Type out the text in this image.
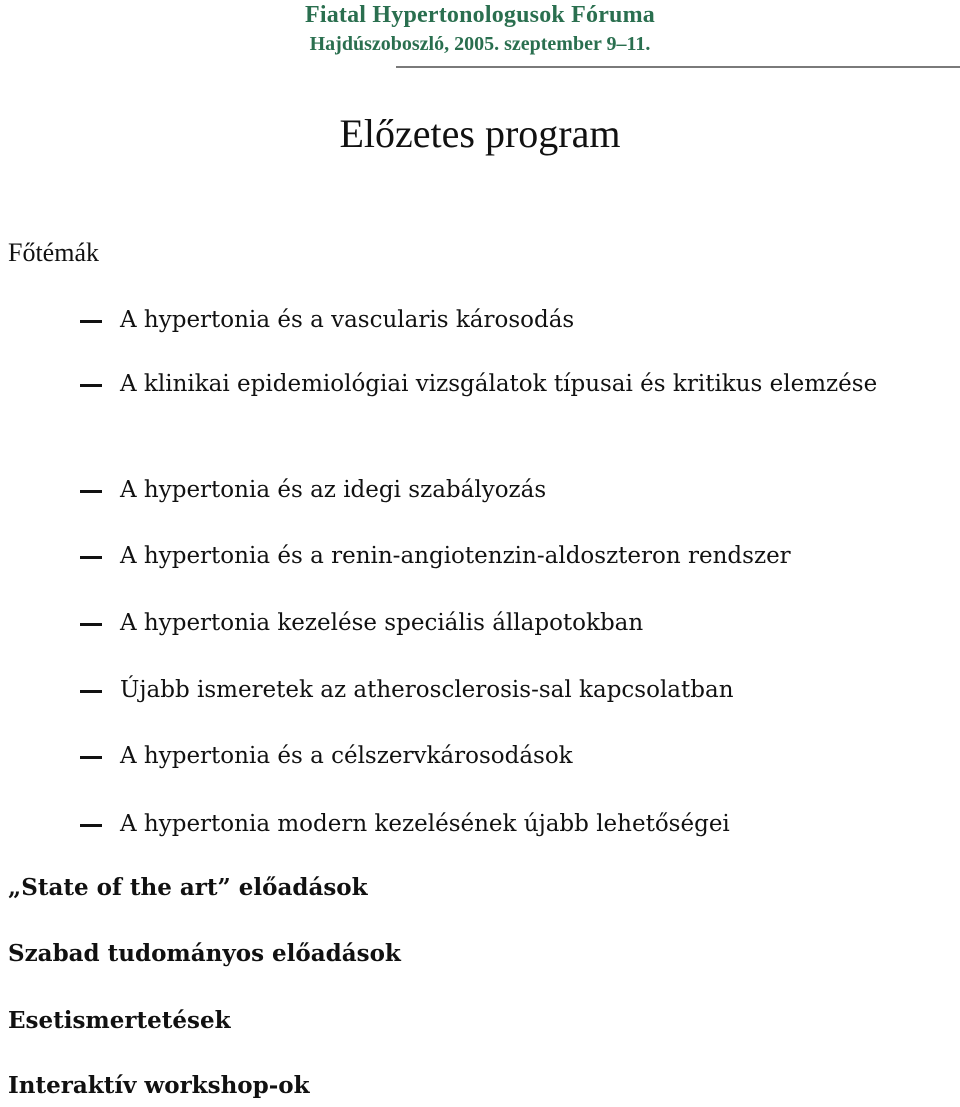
Fiatal Hypertonologusok Fóruma
Hajdúszoboszló, 2005. szeptember 9–11.
Előzetes program
Főtémák
A hypertonia és a vascularis károsodás
A klinikai epidemiológiai vizsgálatok típusai és kritikus elemzése
A hypertonia és az idegi szabályozás
A hypertonia és a renin-angiotenzin-aldoszteron rendszer
A hypertonia kezelése speciális állapotokban
Újabb ismeretek az atherosclerosis-sal kapcsolatban
A hypertonia és a célszervkárosodások
A hypertonia modern kezelésének újabb lehetőségei
„State of the art” előadások
Szabad tudományos előadások
Esetismertetések
Interaktív workshop-ok
